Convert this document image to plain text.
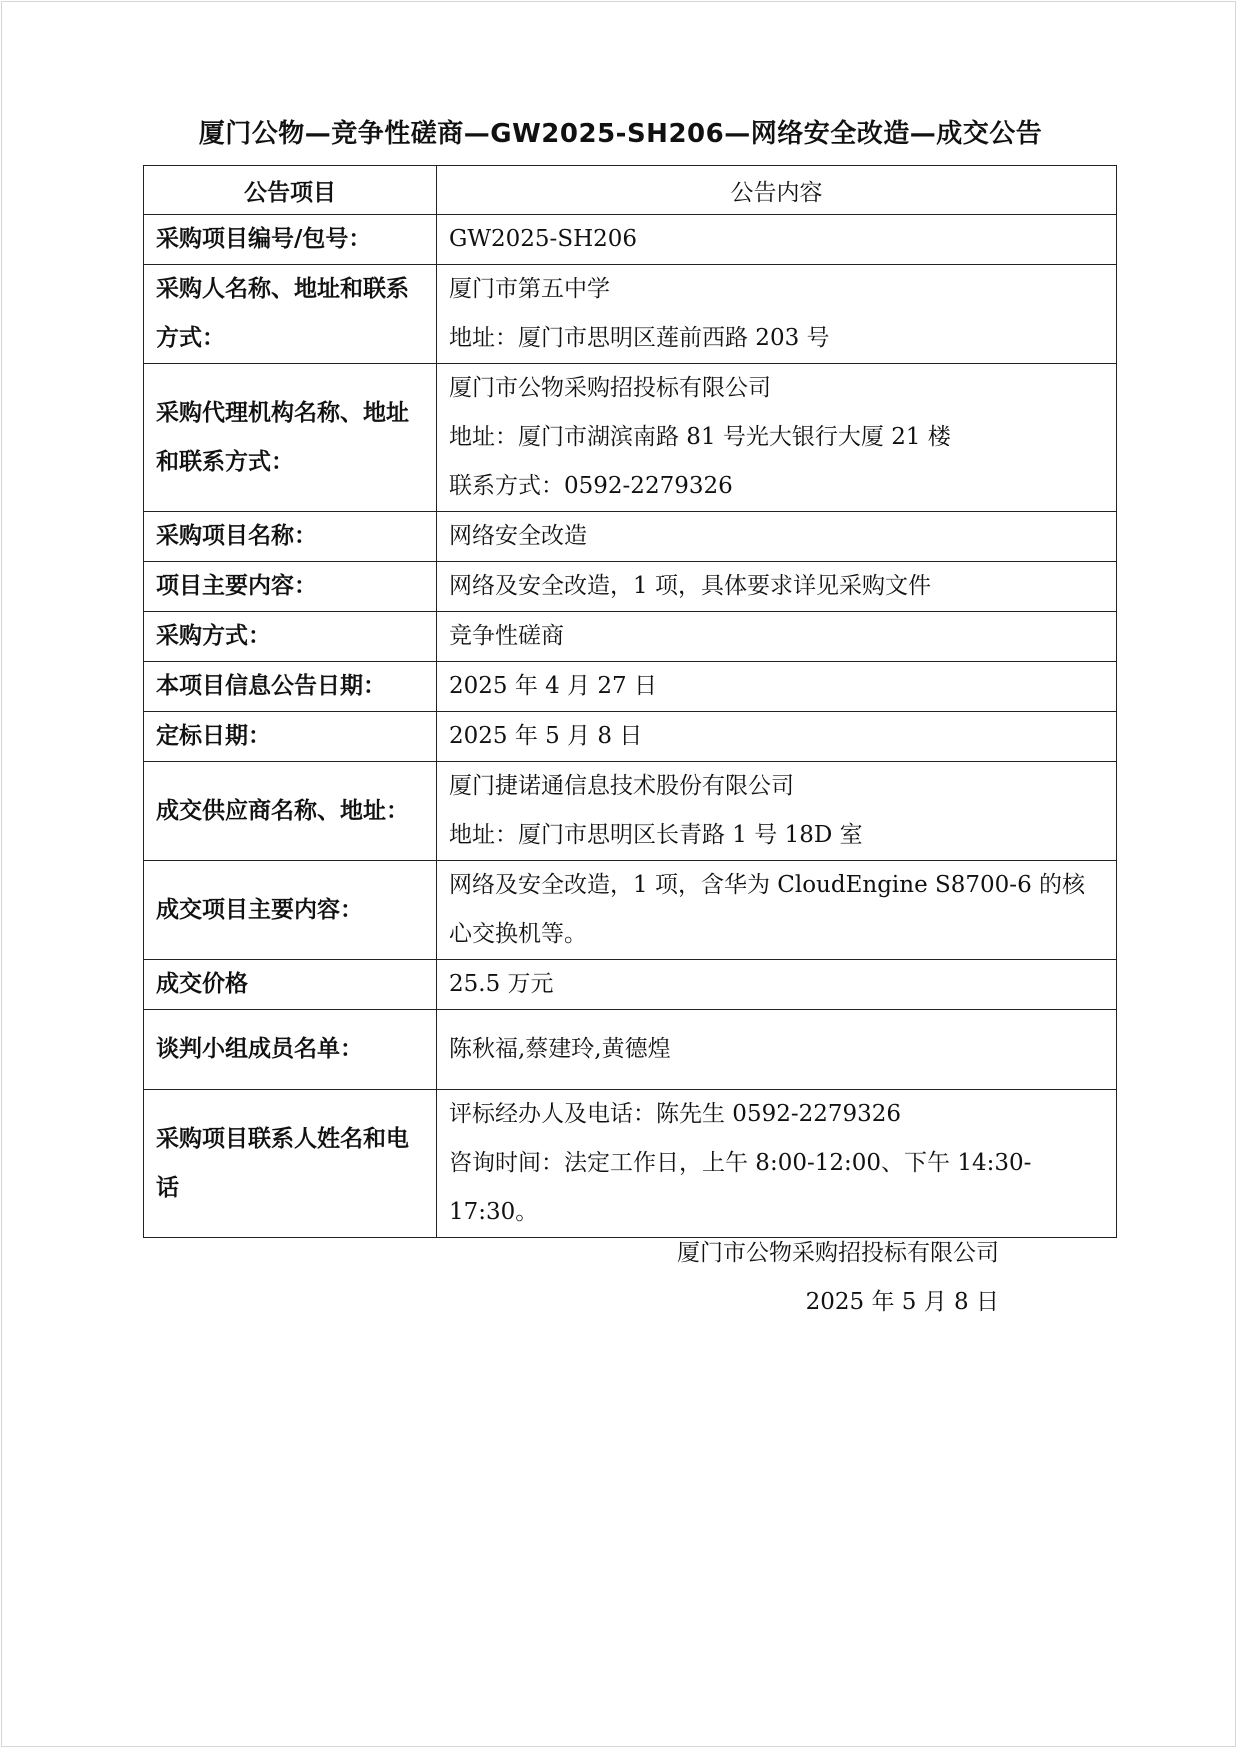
厦门公物—竞争性磋商—GW2025-SH206—网络安全改造—成交公告
公告项目	公告内容
采购项目编号/包号：	GW2025-SH206

采购人名称、地址和联系方式：	厦门市第五中学
地址：厦门市思明区莲前西路 203 号

采购代理机构名称、地址和联系方式：	厦门市公物采购招投标有限公司
地址：厦门市湖滨南路 81 号光大银行大厦 21 楼
联系方式：0592-2279326

采购项目名称：	网络安全改造

项目主要内容：	网络及安全改造，1 项，具体要求详见采购文件

采购方式：	竞争性磋商

本项目信息公告日期：	2025 年 4 月 27 日

定标日期：	2025 年 5 月 8 日

成交供应商名称、地址：	厦门捷诺通信息技术股份有限公司
地址：厦门市思明区长青路 1 号 18D 室

成交项目主要内容：	网络及安全改造，1 项，含华为 CloudEngine S8700-6 的核心交换机等。

成交价格	25.5 万元

谈判小组成员名单：	陈秋福,蔡建玲,黄德煌

采购项目联系人姓名和电话	评标经办人及电话：陈先生 0592-2279326
咨询时间：法定工作日，上午 8:00-12:00、下午 14:30-17:30。
厦门市公物采购招投标有限公司
2025 年 5 月 8 日
